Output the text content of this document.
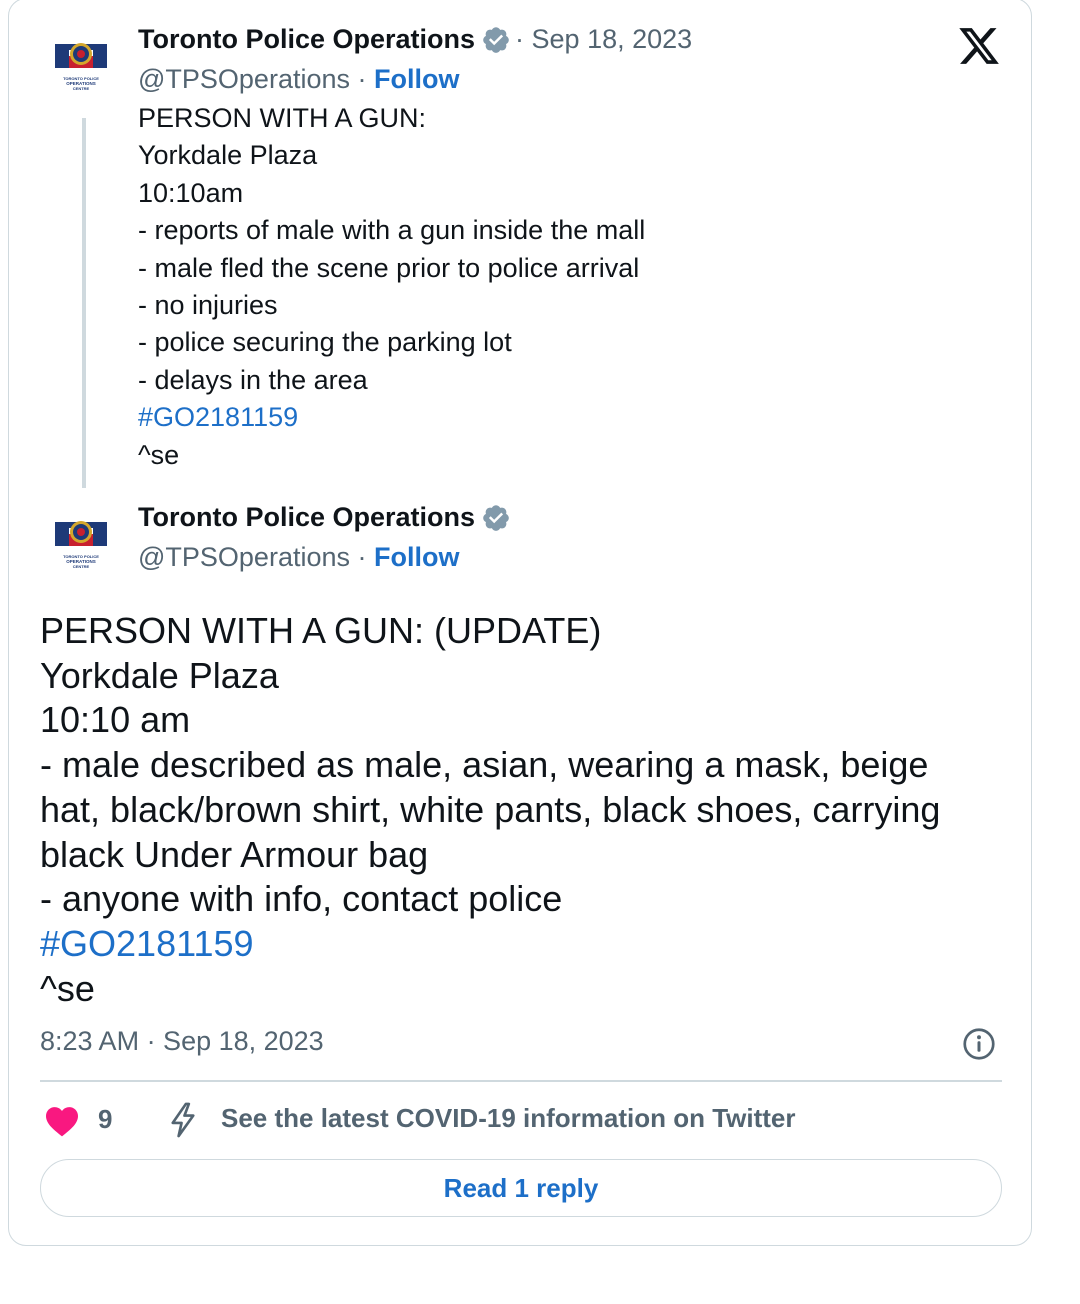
TORONTO POLICE
OPERATIONS
CENTRE
Toronto Police Operations · Sep 18, 2023
@TPSOperations · Follow
PERSON WITH A GUN:
Yorkdale Plaza
10:10am
- reports of male with a gun inside the mall
- male fled the scene prior to police arrival
- no injuries
- police securing the parking lot
- delays in the area
#GO2181159
^se
TORONTO POLICE
OPERATIONS
CENTRE
Toronto Police Operations
@TPSOperations · Follow
PERSON WITH A GUN: (UPDATE)
Yorkdale Plaza
10:10 am
- male described as male, asian, wearing a mask, beige
hat, black/brown shirt, white pants, black shoes, carrying
black Under Armour bag
- anyone with info, contact police
#GO2181159
^se
8:23 AM · Sep 18, 2023
9	See the latest COVID-19 information on Twitter
Read 1 reply
